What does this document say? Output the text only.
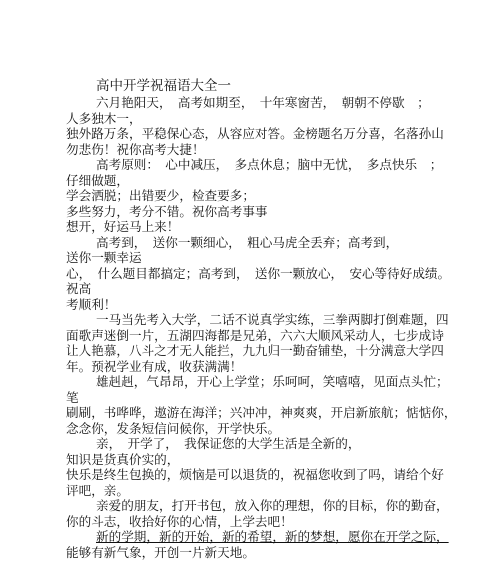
高中开学祝福语大全一
六月艳阳天，　高考如期至，　十年寒窗苦，　朝朝不停歇　；
人多独木一，
独外路万条，平稳保心态，从容应对答。金榜题名万分喜，名落孙山
勿悲伤！祝你高考大捷！
高考原则：　心中减压，　多点休息；脑中无忧，　多点快乐　；
仔细做题，
学会洒脱；出错要少，检查要多；
多些努力，考分不错。祝你高考事事
想开，好运马上来！
高考到，　送你一颗细心，　粗心马虎全丢弃；高考到，
送你一颗幸运
心，　什么题目都搞定；高考到，　送你一颗放心，　安心等待好成绩。
祝高
考顺利！
一马当先考入大学，二话不说真学实练，三拳两脚打倒难题，四
面歌声迷倒一片，五湖四海都是兄弟，六六大顺风采动人，七步成诗
让人艳慕，八斗之才无人能拦，九九归一勤奋铺垫，十分满意大学四
年。预祝学业有成，收获满满！
雄赳赳，气昂昂，开心上学堂；乐呵呵，笑嘻嘻，见面点头忙；
笔
刷刷，书哗哗，遨游在海洋；兴冲冲，神爽爽，开启新旅航；惦惦你，
念念你，发条短信问候你，开学快乐。
亲，　开学了，　我保证您的大学生活是全新的，
知识是货真价实的，
快乐是终生包换的，烦恼是可以退货的，祝福您收到了吗，请给个好
评吧，亲。
亲爱的朋友，打开书包，放入你的理想，你的目标，你的勤奋，
你的斗志，收拾好你的心情，上学去吧！
新的学期，新的开始，新的希望，新的梦想，愿你在开学之际，
能够有新气象，开创一片新天地。
